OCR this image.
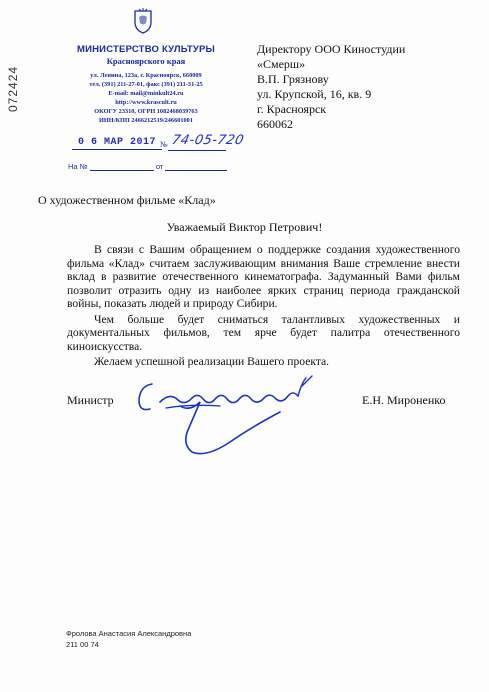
072424
МИНИСТЕРСТВО КУЛЬТУРЫ
Красноярского края
ул. Ленина, 123а, г. Красноярск, 660009
тел. (391) 211-27-01, факс (391) 211-31-25
E-mail: mail@minkult24.ru
http://www.krascult.ru
ОКОГУ 23310, ОГРН 1082468039763
ИНН/КПП 2466212519/246601001
0 6 МАР 2017 № 74-05-720
На №	от
Директору ООО Киностудии
«Смерш»
В.П. Грязнову
ул. Крупской, 16, кв. 9
г. Красноярск
660062
О художественном фильме «Клад»
Уважаемый Виктор Петрович!

В связи с Вашим обращением о поддержке создания художественного фильма «Клад» считаем заслуживающим внимания Ваше стремление внести вклад в развитие отечественного кинематографа. Задуманный Вами фильм позволит отразить одну из наиболее ярких страниц периода гражданской войны, показать людей и природу Сибири.

Чем больше будет сниматься талантливых художественных и документальных фильмов, тем ярче будет палитра отечественного киноискусства.

Желаем успешной реализации Вашего проекта.

Министр	Е.Н. Мироненко
Фролова Анастасия Александровна
211 00 74
